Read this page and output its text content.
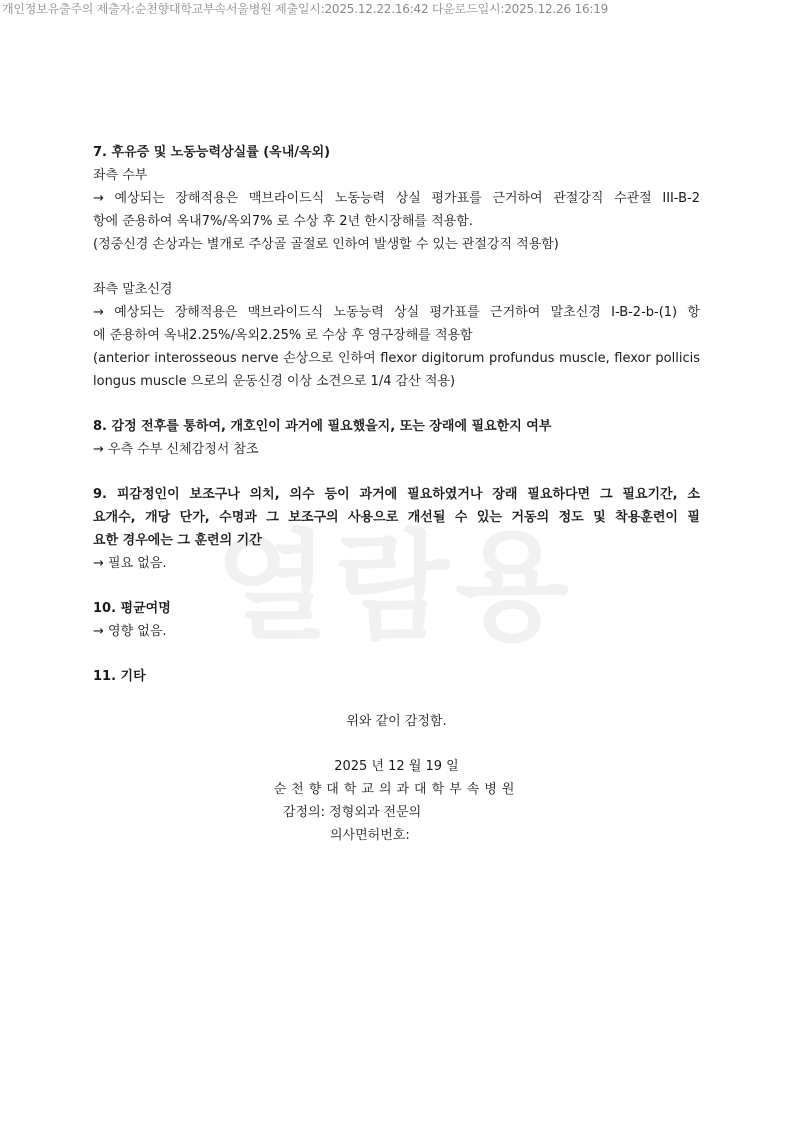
개인정보유출주의 제출자:순천향대학교부속서울병원 제출일시:2025.12.22.16:42 다운로드일시:2025.12.26 16:19
열람용
7. 후유증 및 노동능력상실률 (옥내/옥외)
좌측 수부
→ 예상되는 장해적용은 맥브라이드식 노동능력 상실 평가표를 근거하여 관절강직 수관절 III-B-2
항에 준용하여 옥내7%/옥외7% 로 수상 후 2년 한시장해를 적용함.
(정중신경 손상과는 별개로 주상골 골절로 인하여 발생할 수 있는 관절강직 적용함)
좌측 말초신경
→ 예상되는 장해적용은 맥브라이드식 노동능력 상실 평가표를 근거하여 말초신경 I-B-2-b-(1) 항
에 준용하여 옥내2.25%/옥외2.25% 로 수상 후 영구장해를 적용함
(anterior interosseous nerve 손상으로 인하여 flexor digitorum profundus muscle, flexor pollicis
longus muscle 으로의 운동신경 이상 소견으로 1/4 감산 적용)
8. 감정 전후를 통하여, 개호인이 과거에 필요했을지, 또는 장래에 필요한지 여부
→ 우측 수부 신체감정서 참조
9. 피감정인이 보조구나 의치, 의수 등이 과거에 필요하였거나 장래 필요하다면 그 필요기간, 소
요개수, 개당 단가, 수명과 그 보조구의 사용으로 개선될 수 있는 거동의 정도 및 착용훈련이 필
요한 경우에는 그 훈련의 기간
→ 필요 없음.
10. 평균여명
→ 영향 없음.
11. 기타
위와 같이 감정함.
2025 년 12 월 19 일
순천향대학교의과대학부속병원
감정의: 정형외과 전문의
의사면허번호:
